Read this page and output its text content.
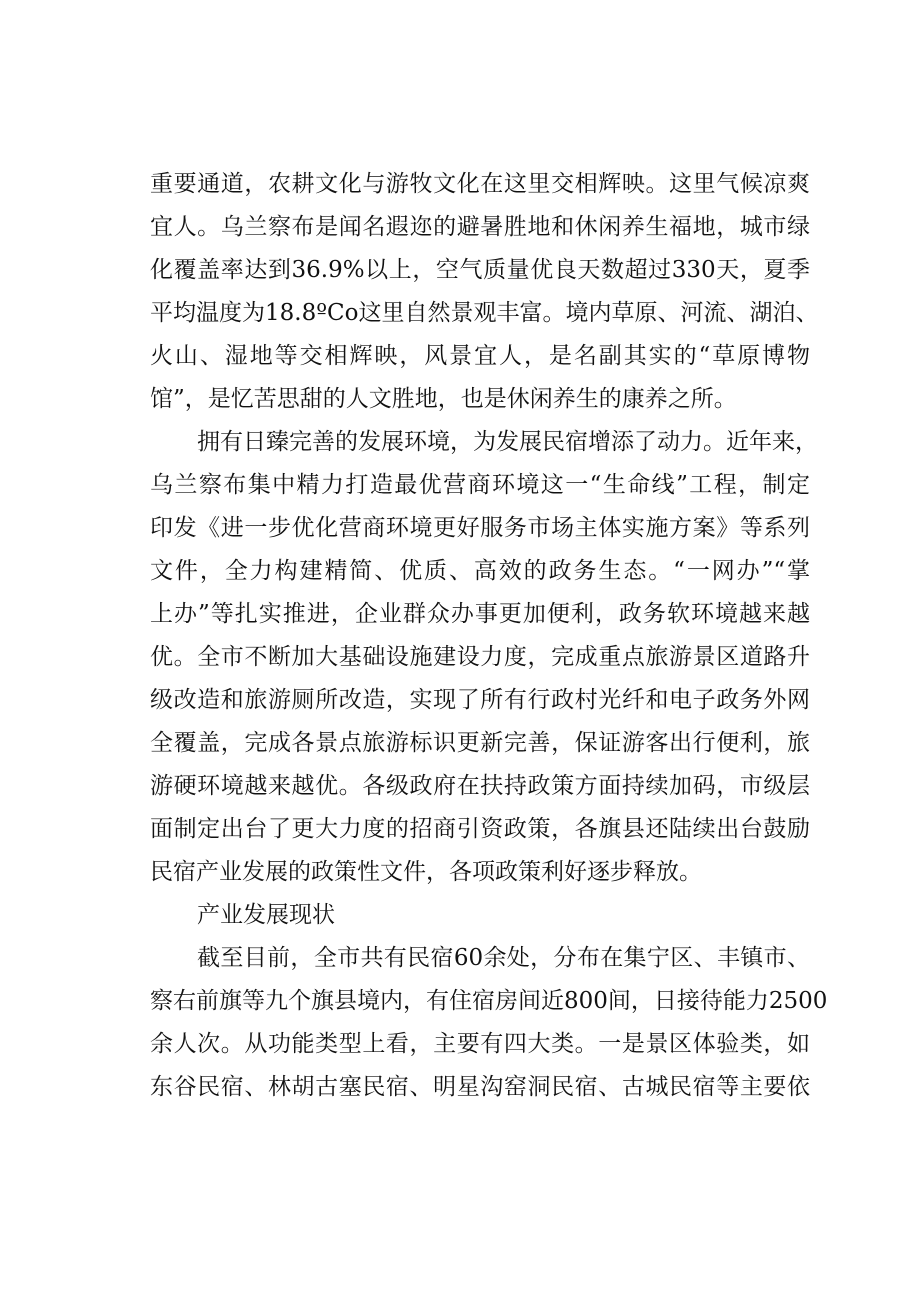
重要通道，农耕文化与游牧文化在这里交相辉映。这里气候凉爽
宜人。乌兰察布是闻名遐迩的避暑胜地和休闲养生福地，城市绿
化覆盖率达到36.9%以上，空气质量优良天数超过330天，夏季
平均温度为18.8ºCo这里自然景观丰富。境内草原、河流、湖泊、
火山、湿地等交相辉映，风景宜人，是名副其实的“草原博物
馆”，是忆苦思甜的人文胜地，也是休闲养生的康养之所。
拥有日臻完善的发展环境，为发展民宿增添了动力。近年来，
乌兰察布集中精力打造最优营商环境这一“生命线”工程，制定
印发《进一步优化营商环境更好服务市场主体实施方案》等系列
文件，全力构建精简、优质、高效的政务生态。“一网办”“掌
上办”等扎实推进，企业群众办事更加便利，政务软环境越来越
优。全市不断加大基础设施建设力度，完成重点旅游景区道路升
级改造和旅游厕所改造，实现了所有行政村光纤和电子政务外网
全覆盖，完成各景点旅游标识更新完善，保证游客出行便利，旅
游硬环境越来越优。各级政府在扶持政策方面持续加码，市级层
面制定出台了更大力度的招商引资政策，各旗县还陆续出台鼓励
民宿产业发展的政策性文件，各项政策利好逐步释放。
产业发展现状
截至目前，全市共有民宿60余处，分布在集宁区、丰镇市、
察右前旗等九个旗县境内，有住宿房间近800间，日接待能力2500
余人次。从功能类型上看，主要有四大类。一是景区体验类，如
东谷民宿、林胡古塞民宿、明星沟窑洞民宿、古城民宿等主要依
